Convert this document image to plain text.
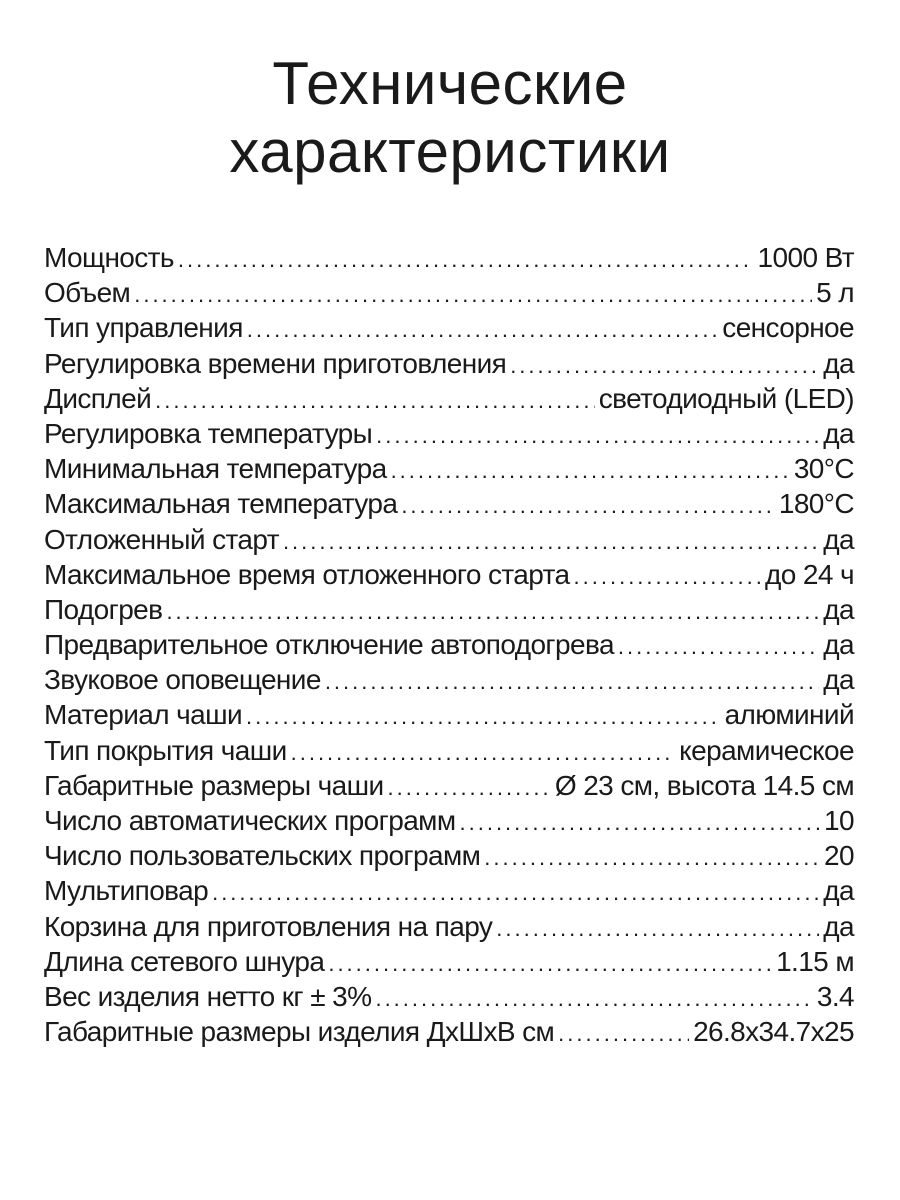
Технические
характеристики
Мощность .....	1000 Вт
Объем .....	5 л
Тип управления .....	сенсорное
Регулировка времени приготовления .....	да
Дисплей .....	светодиодный (LED)
Регулировка температуры .....	да
Минимальная температура .....	30°С
Максимальная температура .....	180°С
Отложенный старт .....	да
Максимальное время отложенного старта .....	до 24 ч
Подогрев .....	да
Предварительное отключение автоподогрева .....	да
Звуковое оповещение .....	да
Материал чаши .....	алюминий
Тип покрытия чаши .....	керамическое
Габаритные размеры чаши .....	Ø 23 см, высота 14.5 см
Число автоматических программ .....	10
Число пользовательских программ .....	20
Мультиповар .....	да
Корзина для приготовления на пару .....	да
Длина сетевого шнура .....	1.15 м
Вес изделия нетто кг ± 3% .....	3.4
Габаритные размеры изделия ДхШхВ см .....	26.8x34.7x25
